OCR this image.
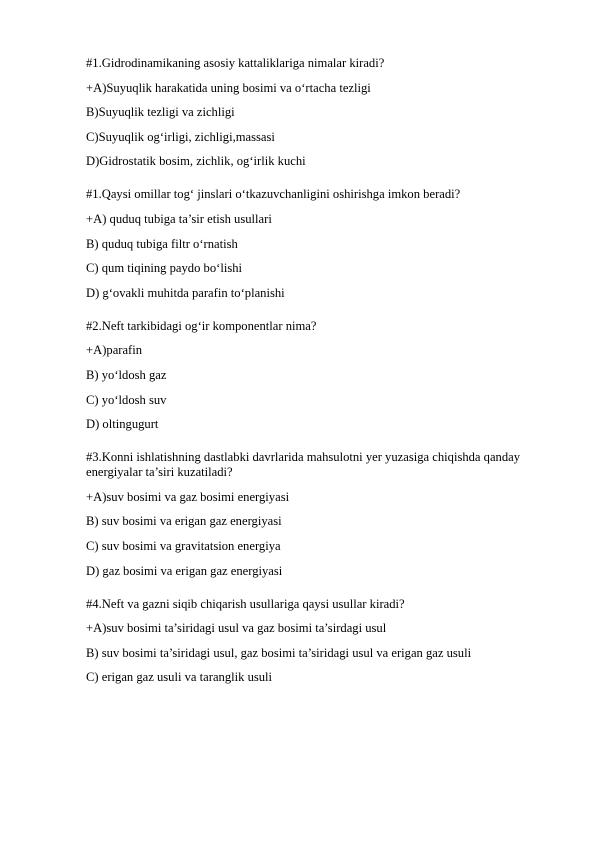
#1.Gidrodinamikaning asosiy kattaliklariga nimalar kiradi?
+A)Suyuqlik harakatida uning bosimi va o‘rtacha tezligi
B)Suyuqlik tezligi va zichligi
C)Suyuqlik og‘irligi, zichligi,massasi
D)Gidrostatik bosim, zichlik, og‘irlik kuchi
#1.Qaysi omillar tog‘ jinslari o‘tkazuvchanligini oshirishga imkon beradi?
+A) quduq tubiga ta’sir etish usullari
B) quduq tubiga filtr o‘rnatish
C) qum tiqining paydo bo‘lishi
D) g‘ovakli muhitda parafin to‘planishi
#2.Neft tarkibidagi og‘ir komponentlar nima?
+A)parafin
B) yo‘ldosh gaz
C) yo‘ldosh suv
D) oltingugurt
#3.Konni ishlatishning dastlabki davrlarida mahsulotni yer yuzasiga chiqishda qanday energiyalar ta’siri kuzatiladi?
+A)suv bosimi va gaz bosimi energiyasi
B) suv bosimi va erigan gaz energiyasi
C) suv bosimi va gravitatsion energiya
D) gaz bosimi va erigan gaz energiyasi
#4.Neft va gazni siqib chiqarish usullariga qaysi usullar kiradi?
+A)suv bosimi ta’siridagi usul va gaz bosimi ta’sirdagi usul
B) suv bosimi ta’siridagi usul, gaz bosimi ta’siridagi usul va erigan gaz usuli
C) erigan gaz usuli va taranglik usuli
